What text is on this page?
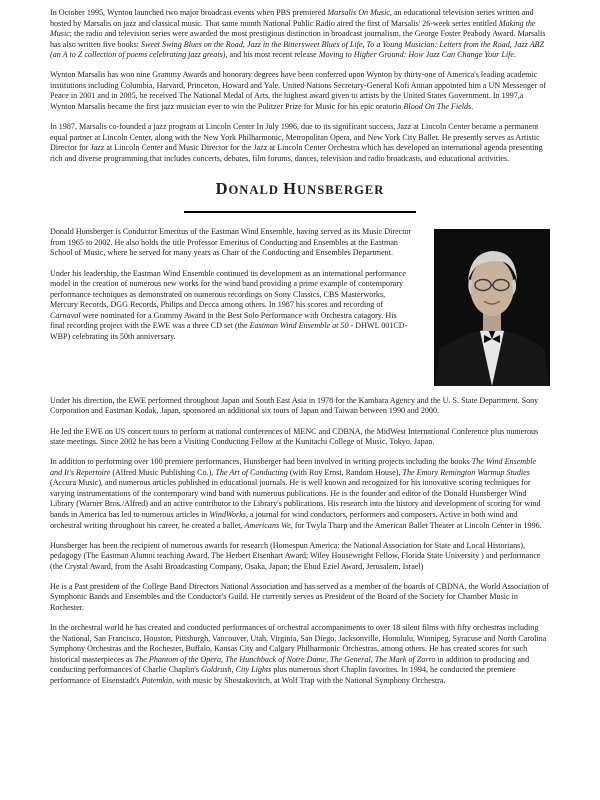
In October 1995, Wynton launched two major broadcast events when PBS premiered Marsalis On Music, an educational television series written and hosted by Marsalis on jazz and classical music. That same month National Public Radio aired the first of Marsalis' 26-week series entitled Making the Music; the radio and television series were awarded the most prestigious distinction in broadcast journalism, the George Foster Peabody Award. Marsalis has also written five books: Sweet Swing Blues on the Road, Jazz in the Bittersweet Blues of Life, To a Young Musician: Letters from the Road, Jazz ABZ (an A to Z collection of poems celebrating jazz greats), and his most recent release Moving to Higher Ground: How Jazz Can Change Your Life.

Wynton Marsalis has won nine Grammy Awards and honorary degrees have been conferred upon Wynton by thirty-one of America's leading academic institutions including Columbia, Harvard, Princeton, Howard and Yale. United Nations Secretary-General Kofi Annan appointed him a UN Messenger of Peace in 2001 and in 2005, he received The National Medal of Arts, the highest award given to artists by the United States Government. In 1997,a Wynton Marsalis became the first jazz musician ever to win the Pulitzer Prize for Music for his epic oratorio Blood On The Fields.

In 1987, Marsalis co-founded a jazz program at Lincoln Center In July 1996, due to its significant success, Jazz at Lincoln Center became a permanent equal partner at Lincoln Center, along with the New York Philharmonic, Metropolitan Opera, and New York City Ballet. He presently serves as Artistic Director for Jazz at Lincoln Center and Music Director for the Jazz at Lincoln Center Orchestra which has developed an international agenda presenting rich and diverse programming that includes concerts, debates, film forums, dances, television and radio broadcasts, and educational activities.

DONALD HUNSBERGER

Donald Hunsberger is Conductor Emeritus of the Eastman Wind Ensemble, having served as its Music Director from 1965 to 2002. He also holds the title Professor Emeritus of Conducting and Ensembles at the Eastman School of Music, where he served for many years as Chair of the Conducting and Ensembles Department.

Under his leadership, the Eastman Wind Ensemble continued its development as an international performance model in the creation of numerous new works for the wind band providing a prime example of contemporary performance techniques as demonstrated on numerous recordings on Sony Classics, CBS Masterworks, Mercury Records, DGG Records, Philips and Decca among others. In 1987 his scores and recording of Carnaval were nominated for a Grammy Award in the Best Solo Performance with Orchestra catagory. His final recording project with the EWE was a three CD set (the Eastman Wind Ensemble at 50 - DHWL 001CD-WBP) celebrating its 50th anniversary.

Under his direction, the EWE performed throughout Japan and South East Asia in 1978 for the Kambara Agency and the U. S. State Department. Sony Corporation and Eastman Kodak, Japan, sponsored an additional six tours of Japan and Taiwan between 1990 and 2000.

He led the EWE on US concert tours to perform at national conferences of MENC and CDBNA, the MidWest International Conference plus numerous state meetings. Since 2002 he has been a Visiting Conducting Fellow at the Kunitachi College of Music, Tokyo, Japan.

In addition to performing over 100 premiere performances, Hunsberger had been involved in writing projects including the books The Wind Ensemble and It's Repertoire (Alfred Music Publishing Co.), The Art of Conducting (with Roy Ernst, Random House), The Emory Remington Warmup Studies (Accura Music), and numerous articles published in educational journals. He is well known and recognized for his innovative scoring techniques for varying instrumentations of the contemporary wind band with numerous publications. He is the founder and editor of the Donald Hunsberger Wind Library (Warner Bros./Alfred) and an active contributor to the Library's publications. His research into the history and development of scoring for wind bands in America has led to numerous articles in WindWorks, a journal for wind conductors, performers and composers. Active in both wind and orchestral writing throughout his career, he created a ballet, Americans We, for Twyla Tharp and the American Ballet Theater at Lincoln Center in 1996.

Hunsberger has been the recipient of numerous awards for research (Homespun America: the National Association for State and Local Historians), pedagogy (The Eastman Alumni teaching Award, The Herbert Eisenhart Award; Wiley Housewright Fellow, Florida State University ) and performance (the Crystal Award, from the Asahi Broadcasting Company, Osaka, Japan; the Ehud Eziel Award, Jerusalem, Israel)

He is a Past president of the College Band Directors National Association and has served as a member of the boards of CBDNA, the World Association of Symphonic Bands and Ensembles and the Conductor's Guild. He currently serves as President of the Board of the Society for Chamber Music in Rochester.

In the orchestral world he has created and conducted performances of orchestral accompaniments to over 18 silent films with fifty orchestras including the National, San Francisco, Houston, Pittsburgh, Vancouver, Utah, Virginia, San Diego, Jacksonville, Honolulu, Winnipeg, Syracuse and North Carolina Symphony Orchestras and the Rochester, Buffalo, Kansas City and Calgary Philharmonic Orchestras, among others. He has created scores for such historical masterpieces as The Phantom of the Opera, The Hunchback of Notre Dame, The General, The Mark of Zorro in addition to producing and conducting performances of Charlie Chaplin's Goldrush, City Lights plus numerous short Chaplin favorites. In 1994, he conducted the premiere performance of Eisenstadt's Potemkin, with music by Shostakovitch, at Wolf Trap with the National Symphony Orchestra.
